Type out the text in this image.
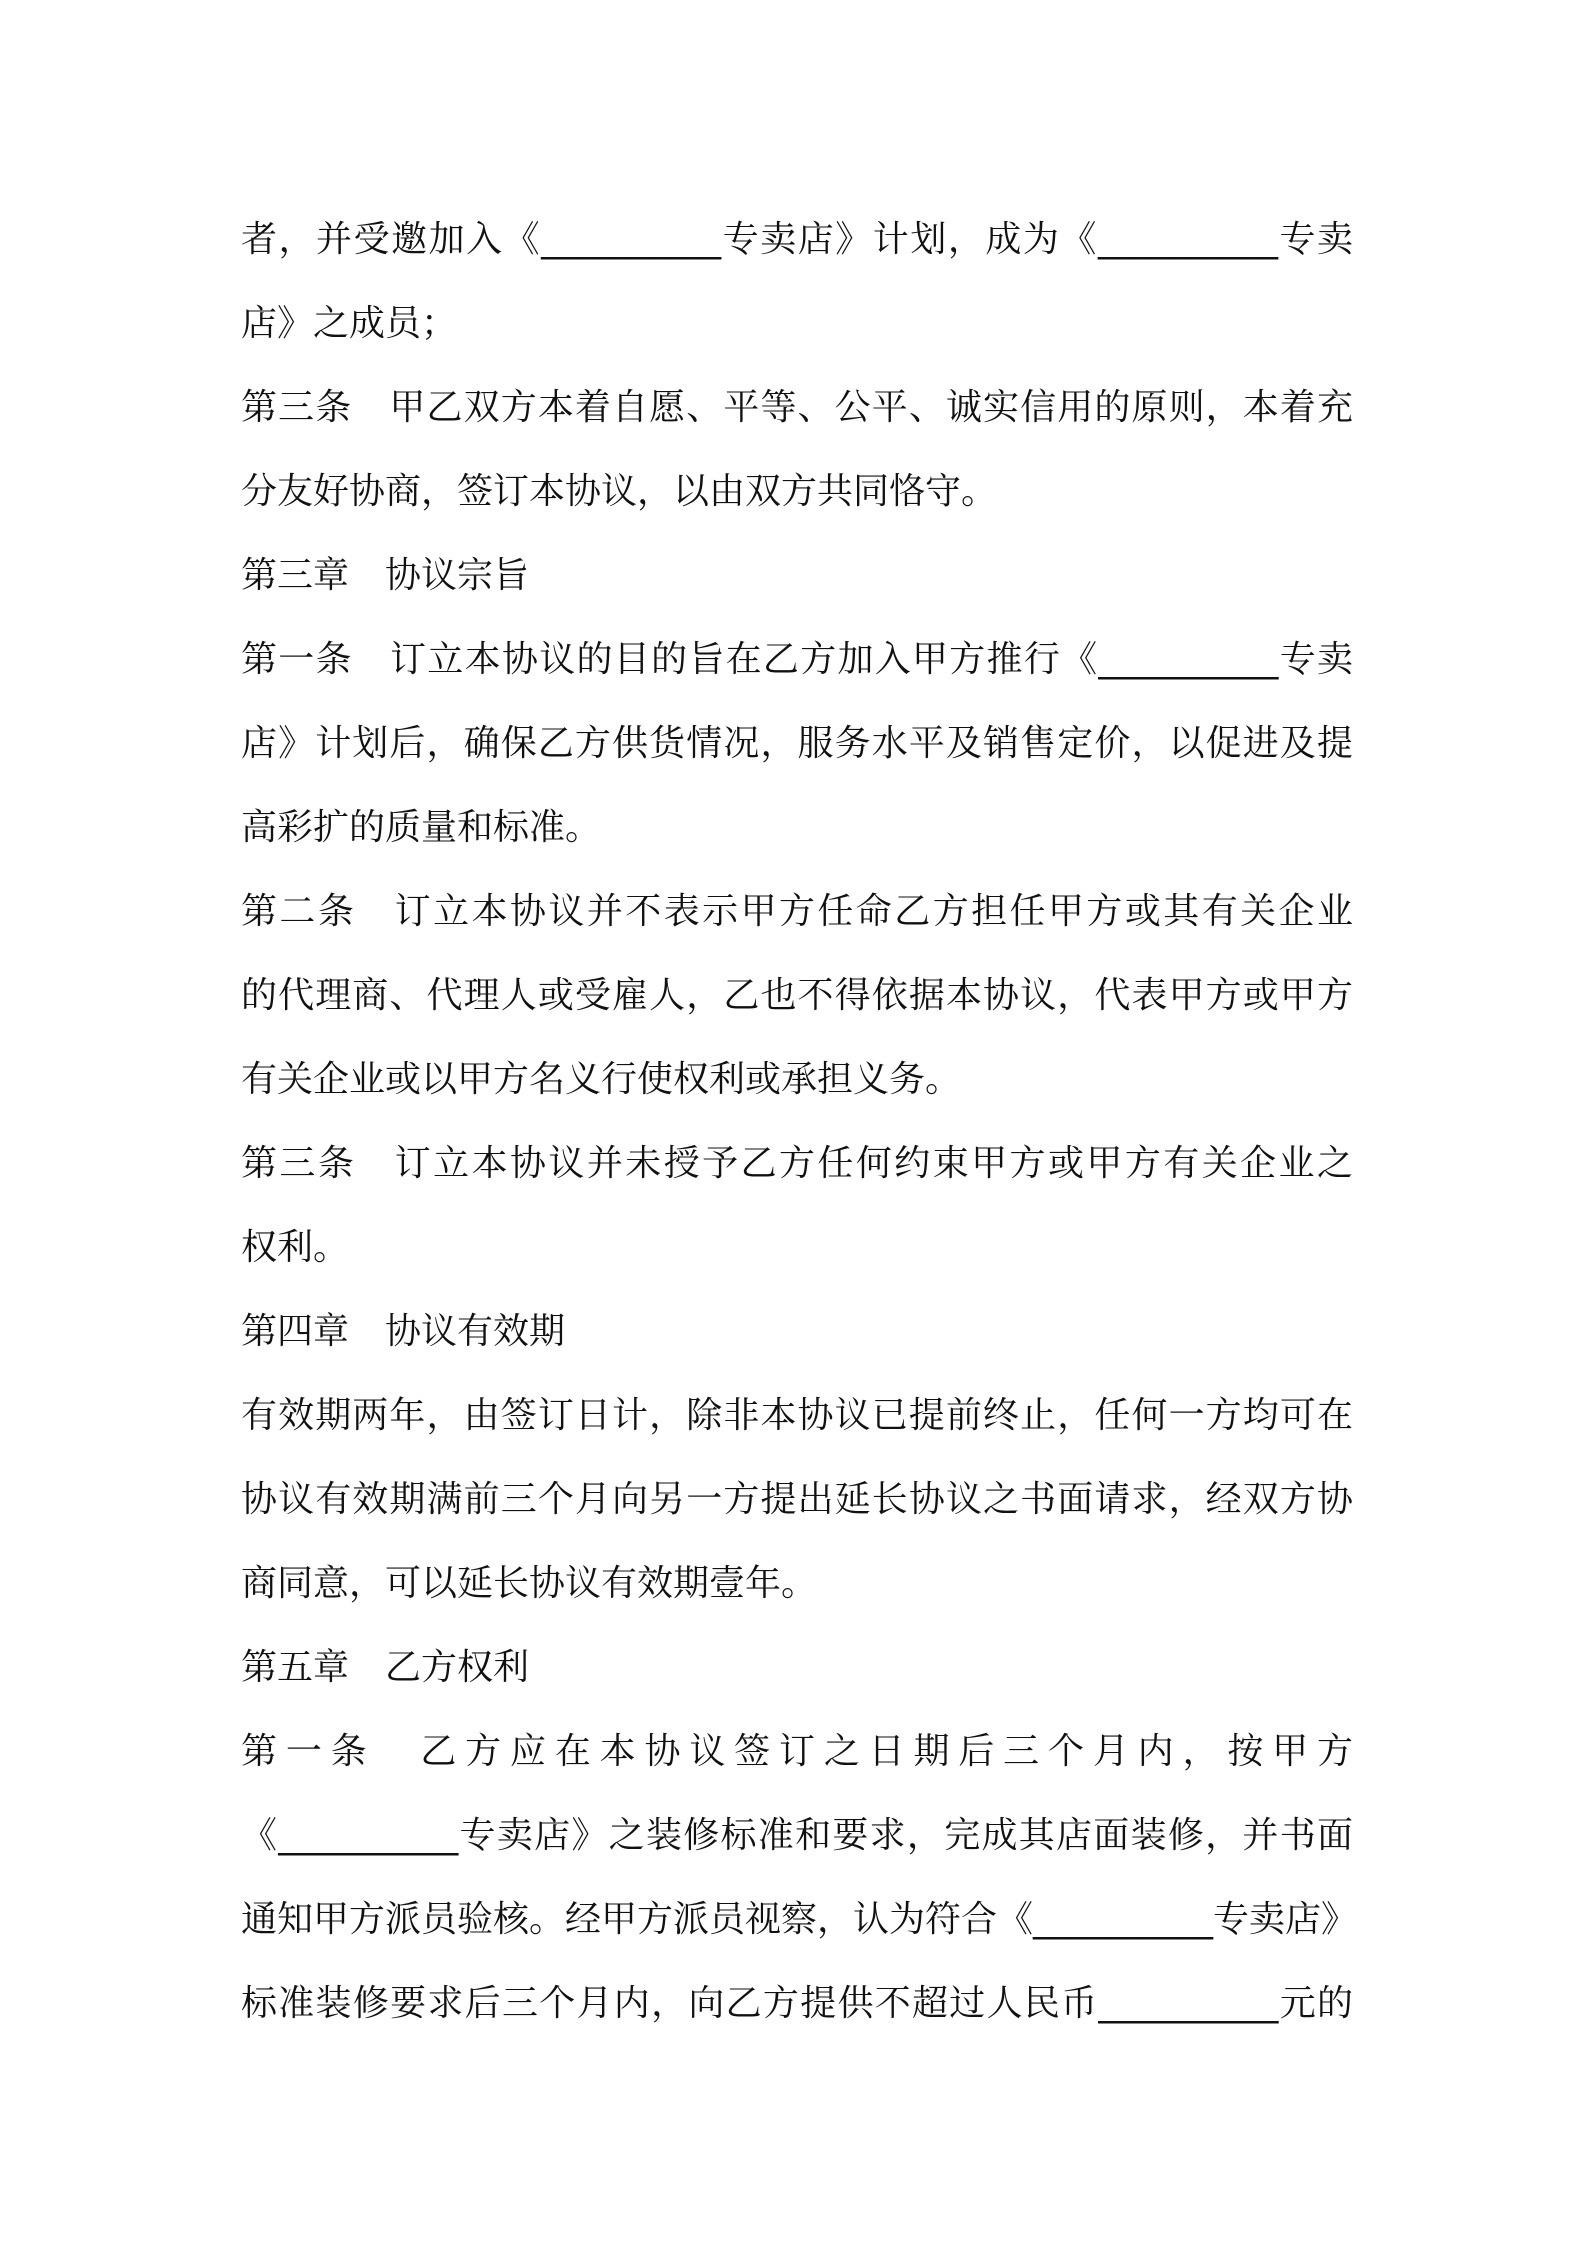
者，并受邀加入《__________专卖店》计划，成为《__________专卖
店》之成员；
第三条　甲乙双方本着自愿、平等、公平、诚实信用的原则，本着充
分友好协商，签订本协议，以由双方共同恪守。
第三章　协议宗旨
第一条　订立本协议的目的旨在乙方加入甲方推行《__________专卖
店》计划后，确保乙方供货情况，服务水平及销售定价，以促进及提
高彩扩的质量和标准。
第二条　订立本协议并不表示甲方任命乙方担任甲方或其有关企业
的代理商、代理人或受雇人，乙也不得依据本协议，代表甲方或甲方
有关企业或以甲方名义行使权利或承担义务。
第三条　订立本协议并未授予乙方任何约束甲方或甲方有关企业之
权利。
第四章　协议有效期
有效期两年，由签订日计，除非本协议已提前终止，任何一方均可在
协议有效期满前三个月向另一方提出延长协议之书面请求，经双方协
商同意，可以延长协议有效期壹年。
第五章　乙方权利
第一条　乙方应在本协议签订之日期后三个月内，按甲方
《__________专卖店》之装修标准和要求，完成其店面装修，并书面
通知甲方派员验核。经甲方派员视察，认为符合《__________专卖店》
标准装修要求后三个月内，向乙方提供不超过人民币__________元的
